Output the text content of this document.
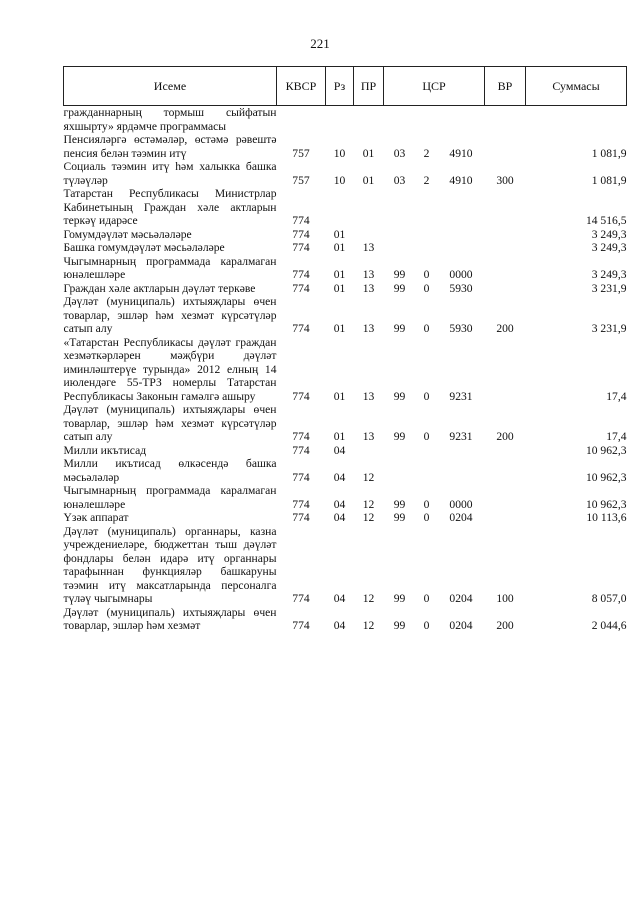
221
Исеме	КВСР	Рз	ПР	ЦСР			ВР	Суммасы
гражданнарның тормыш сыйфатын яхшырту» ярдәмче программасы								
Пенсияләргә өстәмәләр, өстәмә рәвештә пенсия белән тәэмин итү	757	10	01	03	2	4910		1 081,9
Социаль тәэмин итү һәм халыкка башка түләүләр	757	10	01	03	2	4910	300	1 081,9
Татарстан Республикасы Министрлар Кабинетының Граждан хәле актларын теркәү идарәсе	774							14 516,5
Гомумдәүләт мәсьәләләре	774	01						3 249,3
Башка гомумдәүләт мәсьәләләре	774	01	13					3 249,3
Чыгымнарның программада каралмаган юнәлешләре	774	01	13	99	0	0000		3 249,3
Граждан хәле актларын дәүләт теркәве	774	01	13	99	0	5930		3 231,9
Дәүләт (муниципаль) ихтыяҗлары өчен товарлар, эшләр һәм хезмәт күрсәтүләр сатып алу	774	01	13	99	0	5930	200	3 231,9
«Татарстан Республикасы дәүләт граждан хезмәткәрләрен мәҗбүри дәүләт иминләштерүе турында» 2012 елның 14 июлендәге 55-ТРЗ номерлы Татарстан Республикасы Законын гамәлгә ашыру	774	01	13	99	0	9231		17,4
Дәүләт (муниципаль) ихтыяҗлары өчен товарлар, эшләр һәм хезмәт күрсәтүләр сатып алу	774	01	13	99	0	9231	200	17,4
Милли икътисад	774	04						10 962,3
Милли икътисад өлкәсендә башка мәсьәләләр	774	04	12					10 962,3
Чыгымнарның программада каралмаган юнәлешләре	774	04	12	99	0	0000		10 962,3
Үзәк аппарат	774	04	12	99	0	0204		10 113,6
Дәүләт (муниципаль) органнары, казна учреждениеләре, бюджеттан тыш дәүләт фондлары белән идарә итү органнары тарафыннан функцияләр башкаруны тәэмин итү максатларында персоналга түләү чыгымнары	774	04	12	99	0	0204	100	8 057,0
Дәүләт (муниципаль) ихтыяҗлары өчен товарлар, эшләр һәм хезмәт	774	04	12	99	0	0204	200	2 044,6
